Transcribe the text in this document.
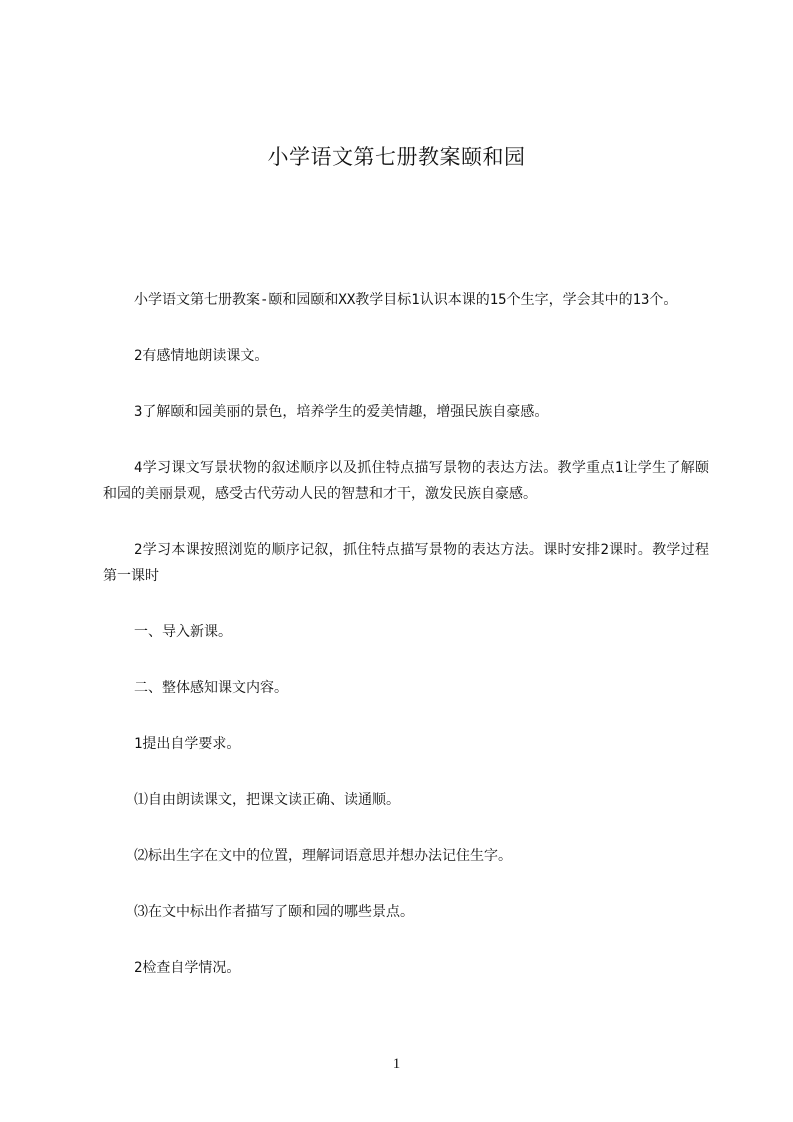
小学语文第七册教案颐和园

小学语文第七册教案-颐和园颐和XX教学目标1认识本课的15个生字，学会其中的13个。

2有感情地朗读课文。

3了解颐和园美丽的景色，培养学生的爱美情趣，增强民族自豪感。

4学习课文写景状物的叙述顺序以及抓住特点描写景物的表达方法。教学重点1让学生了解颐和园的美丽景观，感受古代劳动人民的智慧和才干，激发民族自豪感。

2学习本课按照浏览的顺序记叙，抓住特点描写景物的表达方法。课时安排2课时。教学过程第一课时

一、导入新课。

二、整体感知课文内容。

1提出自学要求。

⑴自由朗读课文，把课文读正确、读通顺。

⑵标出生字在文中的位置，理解词语意思并想办法记住生字。

⑶在文中标出作者描写了颐和园的哪些景点。

2检查自学情况。

1
